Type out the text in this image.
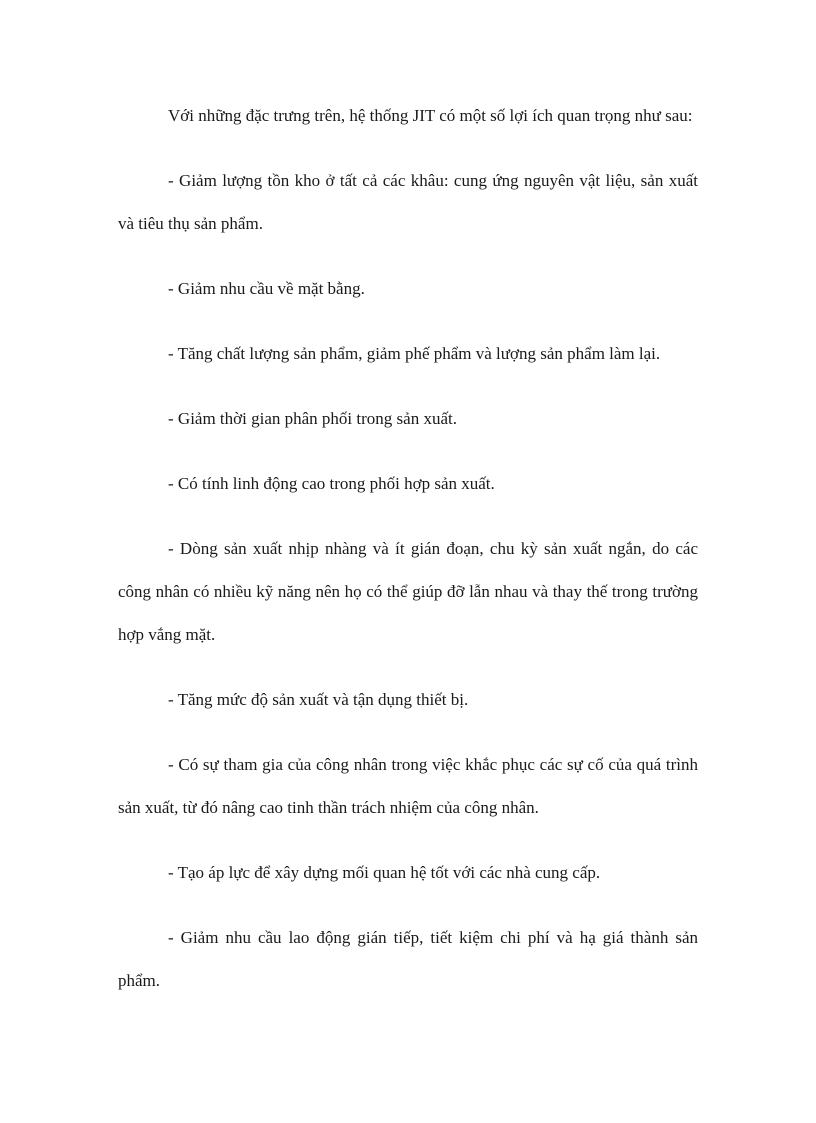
Với những đặc trưng trên, hệ thống JIT có một số lợi ích quan trọng như sau:

- Giảm lượng tồn kho ở tất cả các khâu: cung ứng nguyên vật liệu, sản xuất và tiêu thụ sản phẩm.

- Giảm nhu cầu về mặt bằng.

- Tăng chất lượng sản phẩm, giảm phế phẩm và lượng sản phẩm làm lại.

- Giảm thời gian phân phối trong sản xuất.

- Có tính linh động cao trong phối hợp sản xuất.

- Dòng sản xuất nhịp nhàng và ít gián đoạn, chu kỳ sản xuất ngắn, do các công nhân có nhiều kỹ năng nên họ có thể giúp đỡ lẫn nhau và thay thế trong trường hợp vắng mặt.

- Tăng mức độ sản xuất và tận dụng thiết bị.

- Có sự tham gia của công nhân trong việc khắc phục các sự cố của quá trình sản xuất, từ đó nâng cao tinh thần trách nhiệm của công nhân.

- Tạo áp lực để xây dựng mối quan hệ tốt với các nhà cung cấp.

- Giảm nhu cầu lao động gián tiếp, tiết kiệm chi phí và hạ giá thành sản phẩm.
